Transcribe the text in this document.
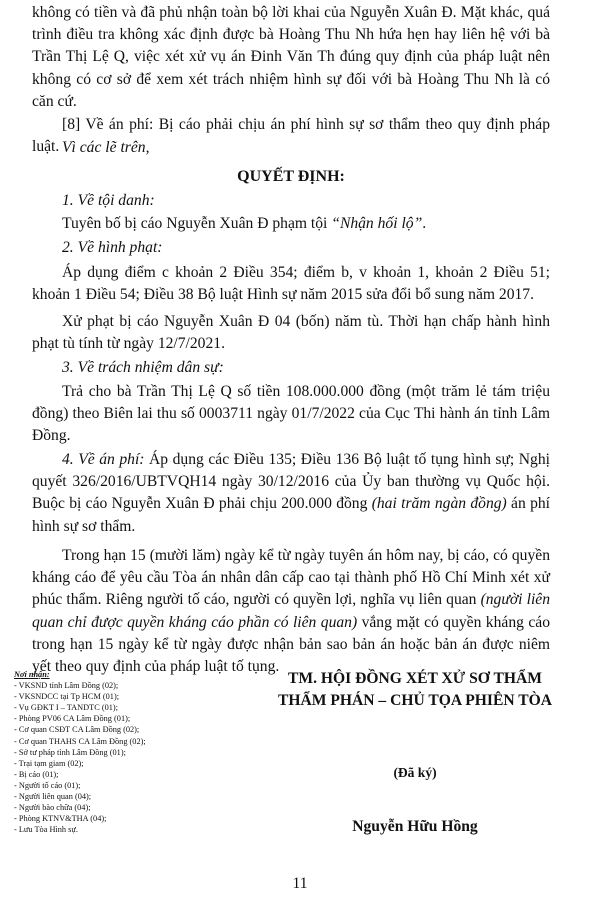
không có tiền và đã phủ nhận toàn bộ lời khai của Nguyễn Xuân Đ. Mặt khác, quá trình điều tra không xác định được bà Hoàng Thu Nh hứa hẹn hay liên hệ với bà Trần Thị Lệ Q, việc xét xử vụ án Đinh Văn Th đúng quy định của pháp luật nên không có cơ sở để xem xét trách nhiệm hình sự đối với bà Hoàng Thu Nh là có căn cứ.

[8] Về án phí: Bị cáo phải chịu án phí hình sự sơ thẩm theo quy định pháp luật. Vì các lẽ trên,

QUYẾT ĐỊNH:

1. Về tội danh:

Tuyên bố bị cáo Nguyễn Xuân Đ phạm tội “Nhận hối lộ”.

2. Về hình phạt:

Áp dụng điểm c khoản 2 Điều 354; điểm b, v khoản 1, khoản 2 Điều 51; khoản 1 Điều 54; Điều 38 Bộ luật Hình sự năm 2015 sửa đổi bổ sung năm 2017.

Xử phạt bị cáo Nguyễn Xuân Đ 04 (bốn) năm tù. Thời hạn chấp hành hình phạt tù tính từ ngày 12/7/2021.

3. Về trách nhiệm dân sự:

Trả cho bà Trần Thị Lệ Q số tiền 108.000.000 đồng (một trăm lẻ tám triệu đồng) theo Biên lai thu số 0003711 ngày 01/7/2022 của Cục Thi hành án tỉnh Lâm Đồng.

4. Về án phí: Áp dụng các Điều 135; Điều 136 Bộ luật tố tụng hình sự; Nghị quyết 326/2016/UBTVQH14 ngày 30/12/2016 của Ủy ban thường vụ Quốc hội. Buộc bị cáo Nguyễn Xuân Đ phải chịu 200.000 đồng (hai trăm ngàn đồng) án phí hình sự sơ thẩm.

Trong hạn 15 (mười lăm) ngày kể từ ngày tuyên án hôm nay, bị cáo, có quyền kháng cáo để yêu cầu Tòa án nhân dân cấp cao tại thành phố Hồ Chí Minh xét xử phúc thẩm. Riêng người tố cáo, người có quyền lợi, nghĩa vụ liên quan (người liên quan chỉ được quyền kháng cáo phần có liên quan) vắng mặt có quyền kháng cáo trong hạn 15 ngày kể từ ngày được nhận bản sao bản án hoặc bản án được niêm yết theo quy định của pháp luật tố tụng.

Nơi nhận:
- VKSND tỉnh Lâm Đồng (02);
- VKSNDCC tại Tp HCM (01);
- Vụ GĐKT I – TANDTC (01);
- Phòng PV06 CA Lâm Đồng (01);
- Cơ quan CSĐT CA Lâm Đồng (02);
- Cơ quan THAHS CA Lâm Đồng (02);
- Sở tư pháp tỉnh Lâm Đồng (01);
- Trại tạm giam (02);
- Bị cáo (01);
- Người tố cáo (01);
- Người liên quan (04);
- Người bào chữa (04);
- Phòng KTNV&THA (04);
- Lưu Tòa Hình sự.
TM. HỘI ĐỒNG XÉT XỬ SƠ THẨM
THẨM PHÁN – CHỦ TỌA PHIÊN TÒA
(Đã ký)
Nguyễn Hữu Hồng
11
